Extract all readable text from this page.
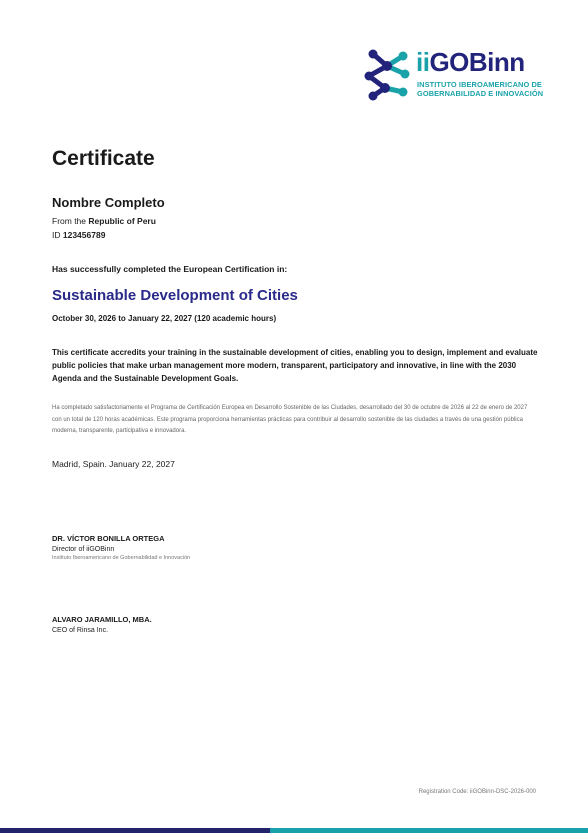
iiGOBinn
INSTITUTO IBEROAMERICANO DE
GOBERNABILIDAD E INNOVACIÓN
Certificate
Nombre Completo
From the Republic of Peru
ID 123456789
Has successfully completed the European Certification in:
Sustainable Development of Cities
October 30, 2026 to January 22, 2027 (120 academic hours)
This certificate accredits your training in the sustainable development of cities, enabling you to design, implement and evaluate public policies that make urban management more modern, transparent, participatory and innovative, in line with the 2030 Agenda and the Sustainable Development Goals.
Ha completado satisfactoriamente el Programa de Certificación Europea en Desarrollo Sostenible de las Ciudades, desarrollado del 30 de octubre de 2026 al 22 de enero de 2027 con un total de 120 horas académicas. Este programa proporciona herramientas prácticas para contribuir al desarrollo sostenible de las ciudades a través de una gestión pública moderna, transparente, participativa e innovadora.
Madrid, Spain. January 22, 2027
DR. VÍCTOR BONILLA ORTEGA
Director of iiGOBinn
Instituto Iberoamericano de Gobernabilidad e Innovación
ALVARO JARAMILLO, MBA.
CEO of Rinsa Inc.
Registration Code: iiGOBinn-DSC-2026-000
